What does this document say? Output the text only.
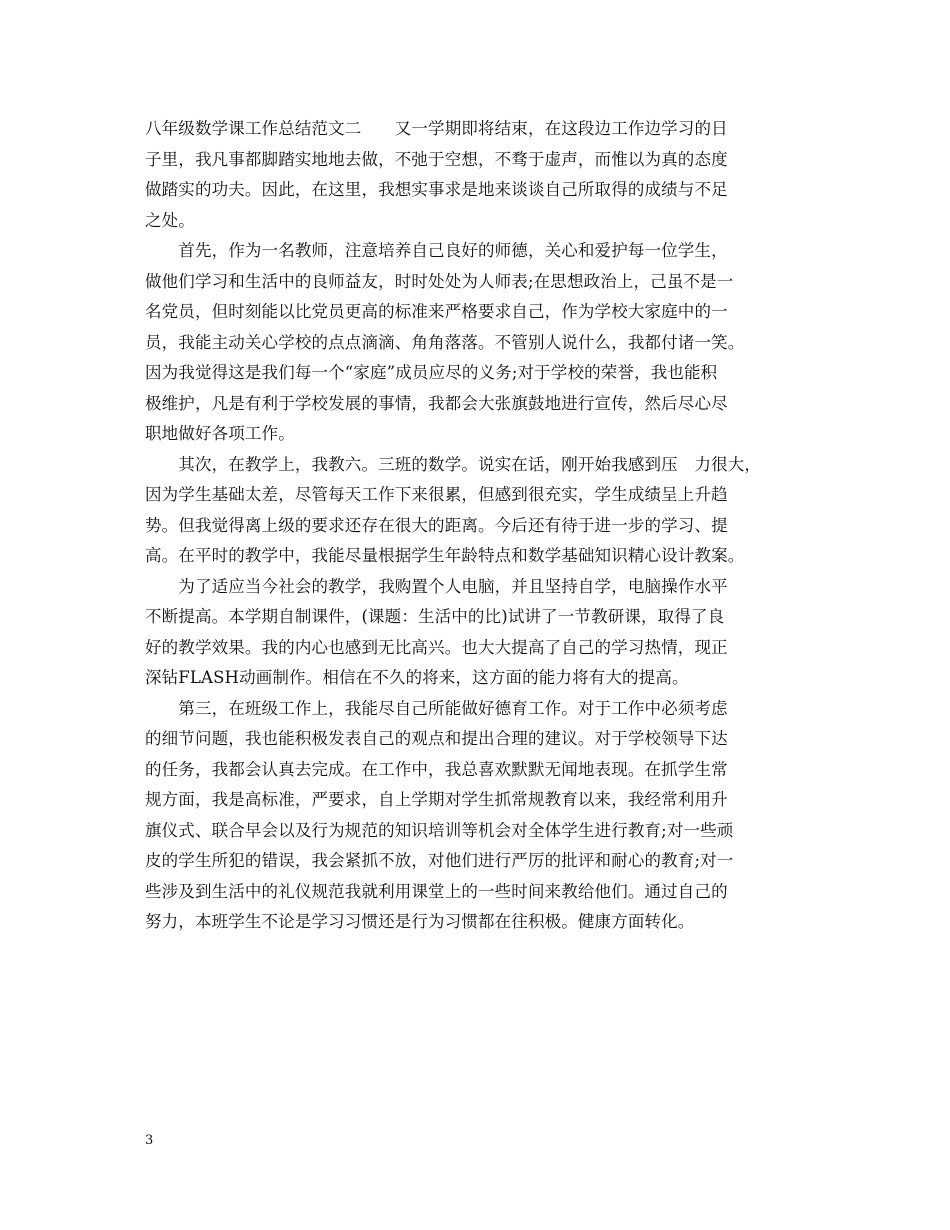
八年级数学课工作总结范文二　　又一学期即将结束，在这段边工作边学习的日
子里，我凡事都脚踏实地地去做，不弛于空想，不骛于虚声，而惟以为真的态度
做踏实的功夫。因此，在这里，我想实事求是地来谈谈自己所取得的成绩与不足
之处。
　　首先，作为一名教师，注意培养自己良好的师德，关心和爱护每一位学生，
做他们学习和生活中的良师益友，时时处处为人师表;在思想政治上，己虽不是一
名党员，但时刻能以比党员更高的标准来严格要求自己，作为学校大家庭中的一
员，我能主动关心学校的点点滴滴、角角落落。不管别人说什么，我都付诸一笑。
因为我觉得这是我们每一个“家庭”成员应尽的义务;对于学校的荣誉，我也能积
极维护，凡是有利于学校发展的事情，我都会大张旗鼓地进行宣传，然后尽心尽
职地做好各项工作。
　　其次，在教学上，我教六。三班的数学。说实在话，刚开始我感到压　力很大，
因为学生基础太差，尽管每天工作下来很累，但感到很充实，学生成绩呈上升趋
势。但我觉得离上级的要求还存在很大的距离。今后还有待于进一步的学习、提
高。在平时的教学中，我能尽量根据学生年龄特点和数学基础知识精心设计教案。
　　为了适应当今社会的教学，我购置个人电脑，并且坚持自学，电脑操作水平
不断提高。本学期自制课件，(课题：生活中的比)试讲了一节教研课，取得了良
好的教学效果。我的内心也感到无比高兴。也大大提高了自己的学习热情，现正
深钻FLASH动画制作。相信在不久的将来，这方面的能力将有大的提高。
　　第三，在班级工作上，我能尽自己所能做好德育工作。对于工作中必须考虑
的细节问题，我也能积极发表自己的观点和提出合理的建议。对于学校领导下达
的任务，我都会认真去完成。在工作中，我总喜欢默默无闻地表现。在抓学生常
规方面，我是高标准，严要求，自上学期对学生抓常规教育以来，我经常利用升
旗仪式、联合早会以及行为规范的知识培训等机会对全体学生进行教育;对一些顽
皮的学生所犯的错误，我会紧抓不放，对他们进行严厉的批评和耐心的教育;对一
些涉及到生活中的礼仪规范我就利用课堂上的一些时间来教给他们。通过自己的
努力，本班学生不论是学习习惯还是行为习惯都在往积极。健康方面转化。
3
